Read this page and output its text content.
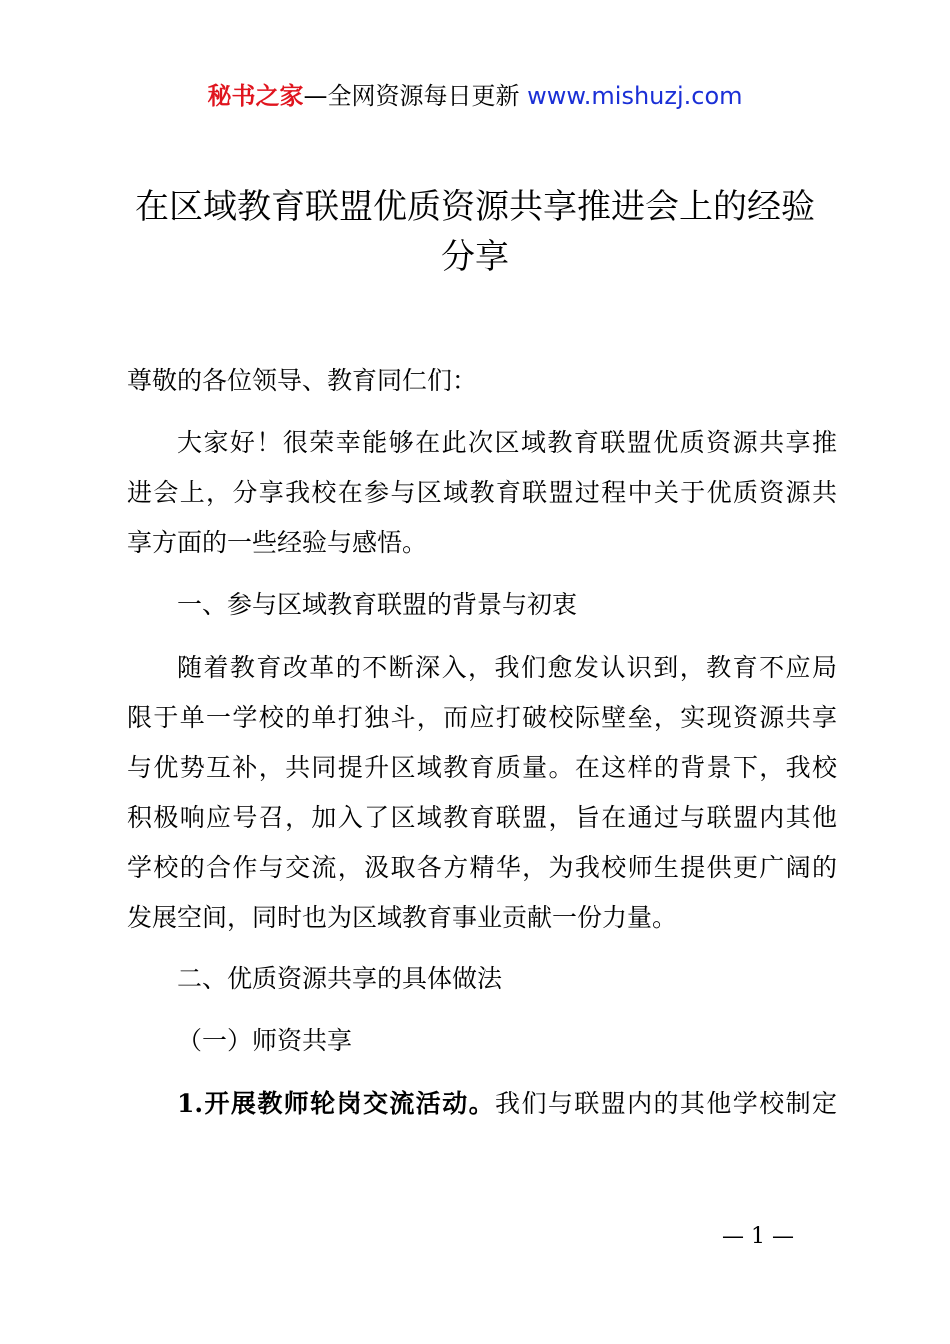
秘书之家—全网资源每日更新 www.mishuzj.com
在区域教育联盟优质资源共享推进会上的经验
分享
尊敬的各位领导、教育同仁们：
大家好！很荣幸能够在此次区域教育联盟优质资源共享推
进会上，分享我校在参与区域教育联盟过程中关于优质资源共
享方面的一些经验与感悟。
一、参与区域教育联盟的背景与初衷
随着教育改革的不断深入，我们愈发认识到，教育不应局
限于单一学校的单打独斗，而应打破校际壁垒，实现资源共享
与优势互补，共同提升区域教育质量。在这样的背景下，我校
积极响应号召，加入了区域教育联盟，旨在通过与联盟内其他
学校的合作与交流，汲取各方精华，为我校师生提供更广阔的
发展空间，同时也为区域教育事业贡献一份力量。
二、优质资源共享的具体做法
（一）师资共享
1.开展教师轮岗交流活动。我们与联盟内的其他学校制定
— 1 —
